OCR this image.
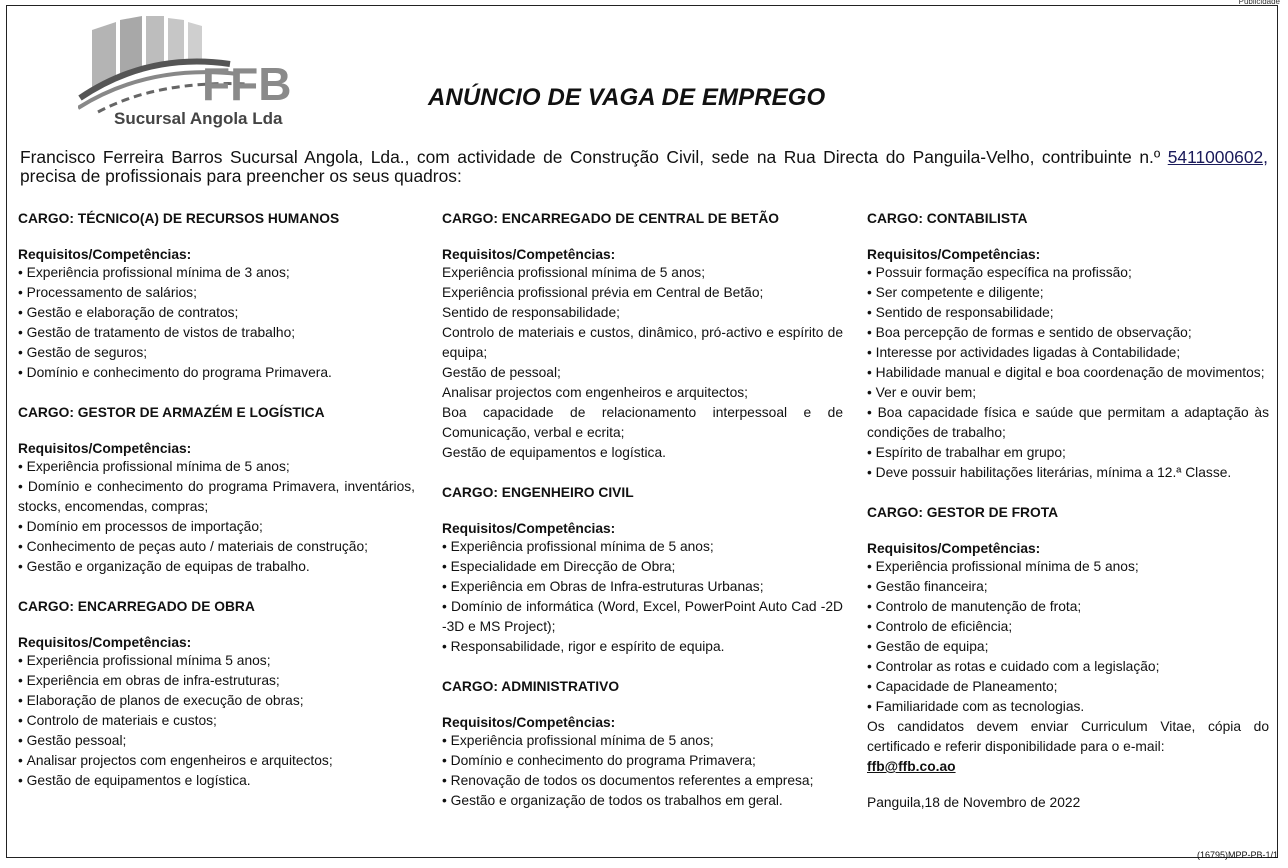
Publicidade
FFB
Sucursal Angola Lda
ANÚNCIO DE VAGA DE EMPREGO

Francisco Ferreira Barros Sucursal Angola, Lda., com actividade de Construção Civil, sede na Rua Directa do Panguila-Velho, contribuinte n.º 5411000602, precisa de profissionais para preencher os seus quadros:

CARGO: TÉCNICO(A) DE RECURSOS HUMANOS

Requisitos/Competências:

• Experiência profissional mínima de 3 anos;
• Processamento de salários;
• Gestão e elaboração de contratos;
• Gestão de tratamento de vistos de trabalho;
• Gestão de seguros;
• Domínio e conhecimento do programa Primavera.

CARGO: GESTOR DE ARMAZÉM E LOGÍSTICA

Requisitos/Competências:

• Experiência profissional mínima de 5 anos;
• Domínio e conhecimento do programa Primavera, inventários, stocks, encomendas, compras;
• Domínio em processos de importação;
• Conhecimento de peças auto / materiais de construção;
• Gestão e organização de equipas de trabalho.

CARGO: ENCARREGADO DE OBRA

Requisitos/Competências:

• Experiência profissional mínima 5 anos;
• Experiência em obras de infra-estruturas;
• Elaboração de planos de execução de obras;
• Controlo de materiais e custos;
• Gestão pessoal;
• Analisar projectos com engenheiros e arquitectos;
• Gestão de equipamentos e logística.

CARGO: ENCARREGADO DE CENTRAL DE BETÃO

Requisitos/Competências:

Experiência profissional mínima de 5 anos;
Experiência profissional prévia em Central de Betão;
Sentido de responsabilidade;
Controlo de materiais e custos, dinâmico, pró-activo e espírito de equipa;
Gestão de pessoal;
Analisar projectos com engenheiros e arquitectos;
Boa capacidade de relacionamento interpessoal e de Comunicação, verbal e ecrita;
Gestão de equipamentos e logística.

CARGO: ENGENHEIRO CIVIL

Requisitos/Competências:

• Experiência profissional mínima de 5 anos;
• Especialidade em Direcção de Obra;
• Experiência em Obras de Infra-estruturas Urbanas;
• Domínio de informática (Word, Excel, PowerPoint Auto Cad -2D -3D e MS Project);
• Responsabilidade, rigor e espírito de equipa.

CARGO: ADMINISTRATIVO

Requisitos/Competências:

• Experiência profissional mínima de 5 anos;
• Domínio e conhecimento do programa Primavera;
• Renovação de todos os documentos referentes a empresa;
• Gestão e organização de todos os trabalhos em geral.

CARGO: CONTABILISTA

Requisitos/Competências:

• Possuir formação específica na profissão;
• Ser competente e diligente;
• Sentido de responsabilidade;
• Boa percepção de formas e sentido de observação;
• Interesse por actividades ligadas à Contabilidade;
• Habilidade manual e digital e boa coordenação de movimentos;
• Ver e ouvir bem;
• Boa capacidade física e saúde que permitam a adaptação às condições de trabalho;
• Espírito de trabalhar em grupo;
• Deve possuir habilitações literárias, mínima a 12.ª Classe.

CARGO: GESTOR DE FROTA

Requisitos/Competências:

• Experiência profissional mínima de 5 anos;
• Gestão financeira;
• Controlo de manutenção de frota;
• Controlo de eficiência;
• Gestão de equipa;
• Controlar as rotas e cuidado com a legislação;
• Capacidade de Planeamento;
• Familiaridade com as tecnologias.

Os candidatos devem enviar Curriculum Vitae, cópia do certificado e referir disponibilidade para o e-mail:
ffb@ffb.co.ao

Panguila,18 de Novembro de 2022

(16795)MPP-PB-1/1
